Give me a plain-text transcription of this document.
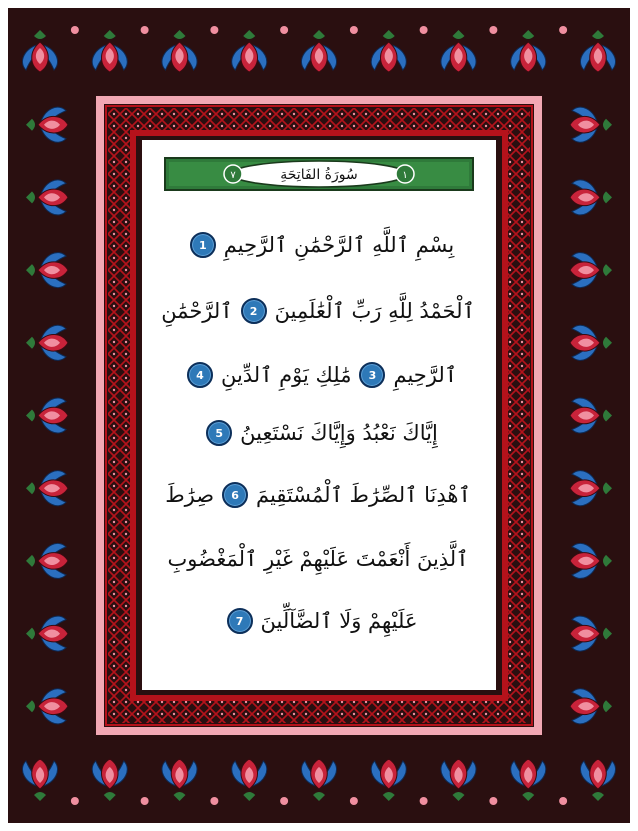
سُورَةُ الفَاتِحَةِ
٧	١
بِسْمِ ٱللَّهِ ٱلرَّحْمَٰنِ ٱلرَّحِيمِ
1
ٱلْحَمْدُ لِلَّهِ رَبِّ ٱلْعَٰلَمِينَ
2
ٱلرَّحْمَٰنِ
ٱلرَّحِيمِ
3
مَٰلِكِ يَوْمِ ٱلدِّينِ
4
إِيَّاكَ نَعْبُدُ وَإِيَّاكَ نَسْتَعِينُ
5
ٱهْدِنَا ٱلصِّرَٰطَ ٱلْمُسْتَقِيمَ
6
صِرَٰطَ
ٱلَّذِينَ أَنْعَمْتَ عَلَيْهِمْ غَيْرِ ٱلْمَغْضُوبِ
عَلَيْهِمْ وَلَا ٱلضَّآلِّينَ
7
